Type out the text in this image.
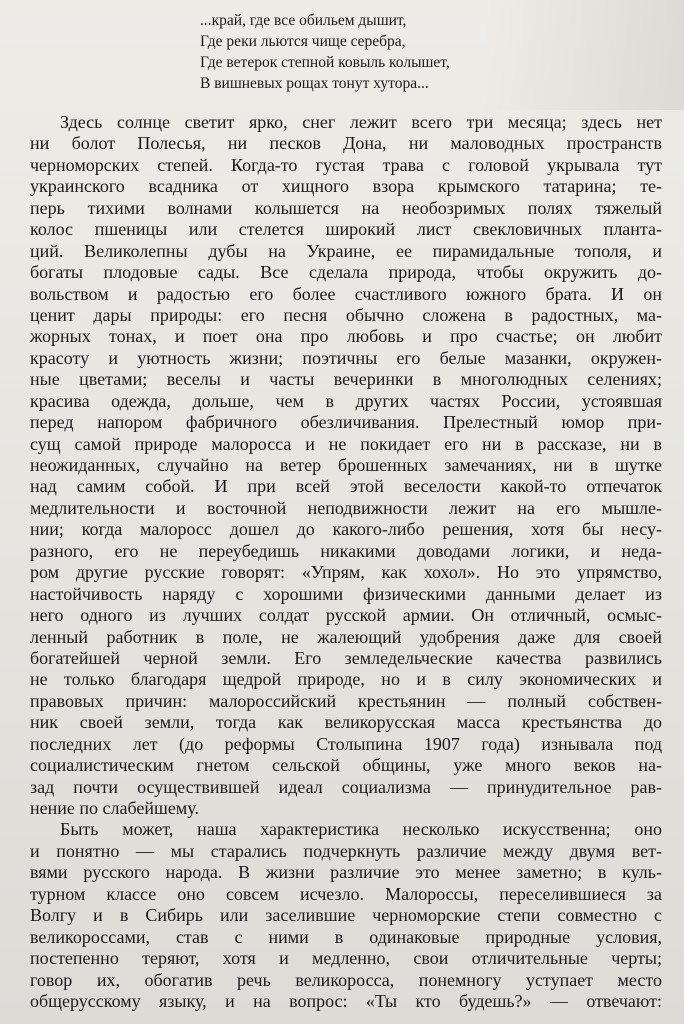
...край, где все обильем дышит,
Где реки льются чище серебра,
Где ветерок степной ковыль колышет,
В вишневых рощах тонут хутора...
Здесь солнце светит ярко, снег лежит всего три месяца; здесь нет
ни болот Полесья, ни песков Дона, ни маловодных пространств
черноморских степей. Когда-то густая трава с головой укрывала тут
украинского всадника от хищного взора крымского татарина; те-
перь тихими волнами колышется на необозримых полях тяжелый
колос пшеницы или стелется широкий лист свекловичных планта-
ций. Великолепны дубы на Украине, ее пирамидальные тополя, и
богаты плодовые сады. Все сделала природа, чтобы окружить до-
вольством и радостью его более счастливого южного брата. И он
ценит дары природы: его песня обычно сложена в радостных, ма-
жорных тонах, и поет она про любовь и про счастье; он любит
красоту и уютность жизни; поэтичны его белые мазанки, окружен-
ные цветами; веселы и часты вечеринки в многолюдных селениях;
красива одежда, дольше, чем в других частях России, устоявшая
перед напором фабричного обезличивания. Прелестный юмор при-
сущ самой природе малоросса и не покидает его ни в рассказе, ни в
неожиданных, случайно на ветер брошенных замечаниях, ни в шутке
над самим собой. И при всей этой веселости какой-то отпечаток
медлительности и восточной неподвижности лежит на его мышле-
нии; когда малоросс дошел до какого-либо решения, хотя бы несу-
разного, его не переубедишь никакими доводами логики, и неда-
ром другие русские говорят: «Упрям, как хохол». Но это упрямство,
настойчивость наряду с хорошими физическими данными делает из
него одного из лучших солдат русской армии. Он отличный, осмыс-
ленный работник в поле, не жалеющий удобрения даже для своей
богатейшей черной земли. Его земледельческие качества развились
не только благодаря щедрой природе, но и в силу экономических и
правовых причин: малороссийский крестьянин — полный собствен-
ник своей земли, тогда как великорусская масса крестьянства до
последних лет (до реформы Столыпина 1907 года) изнывала под
социалистическим гнетом сельской общины, уже много веков на-
зад почти осуществившей идеал социализма — принудительное рав-
нение по слабейшему.
Быть может, наша характеристика несколько искусственна; оно
и понятно — мы старались подчеркнуть различие между двумя вет-
вями русского народа. В жизни различие это менее заметно; в куль-
турном классе оно совсем исчезло. Малороссы, переселившиеся за
Волгу и в Сибирь или заселившие черноморские степи совместно с
великороссами, став с ними в одинаковые природные условия,
постепенно теряют, хотя и медленно, свои отличительные черты;
говор их, обогатив речь великоросса, понемногу уступает место
общерусскому языку, и на вопрос: «Ты кто будешь?» — отвечают:
